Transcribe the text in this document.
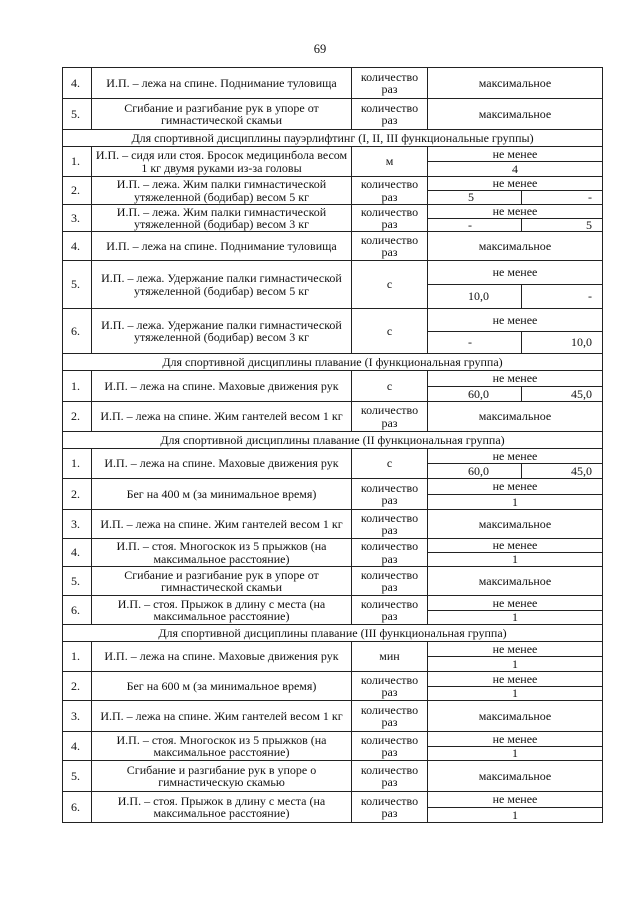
69
4.	И.П. – лежа на спине. Поднимание туловища	количество раз	максимальное	
5.	Сгибание и разгибание рук в упоре от гимнастической скамьи	количество раз	максимальное	
Для спортивной дисциплины пауэрлифтинг (I, II, III функциональные группы)				
1.	И.П. – сидя или стоя. Бросок медицинбола весом 1 кг двумя руками из-за головы	м	не менее	
			4	
2.	И.П. – лежа. Жим палки гимнастической утяжеленной (бодибар) весом 5 кг	количество раз	не менее	
			5	-
3.	И.П. – лежа. Жим палки гимнастической утяжеленной (бодибар) весом 3 кг	количество раз	не менее	
			-	5
4.	И.П. – лежа на спине. Поднимание туловища	количество раз	максимальное	
5.	И.П. – лежа. Удержание палки гимнастической утяжеленной (бодибар) весом 5 кг	с	не менее	
			10,0	-
6.	И.П. – лежа. Удержание палки гимнастической утяжеленной (бодибар) весом 3 кг	с	не менее	
			-	10,0
Для спортивной дисциплины плавание (I функциональная группа)				
1.	И.П. – лежа на спине. Маховые движения рук	с	не менее	
			60,0	45,0
2.	И.П. – лежа на спине. Жим гантелей весом 1 кг	количество раз	максимальное	
Для спортивной дисциплины плавание (II функциональная группа)				
1.	И.П. – лежа на спине. Маховые движения рук	с	не менее	
			60,0	45,0
2.	Бег на 400 м (за минимальное время)	количество раз	не менее	
			1	
3.	И.П. – лежа на спине. Жим гантелей весом 1 кг	количество раз	максимальное	
4.	И.П. – стоя. Многоскок из 5 прыжков (на максимальное расстояние)	количество раз	не менее	
			1	
5.	Сгибание и разгибание рук в упоре от гимнастической скамьи	количество раз	максимальное	
6.	И.П. – стоя. Прыжок в длину с места (на максимальное расстояние)	количество раз	не менее	
			1	
Для спортивной дисциплины плавание (III функциональная группа)				
1.	И.П. – лежа на спине. Маховые движения рук	мин	не менее	
			1	
2.	Бег на 600 м (за минимальное время)	количество раз	не менее	
			1	
3.	И.П. – лежа на спине. Жим гантелей весом 1 кг	количество раз	максимальное	
4.	И.П. – стоя. Многоскок из 5 прыжков (на максимальное расстояние)	количество раз	не менее	
			1	
5.	Сгибание и разгибание рук в упоре о гимнастическую скамью	количество раз	максимальное	
6.	И.П. – стоя. Прыжок в длину с места (на максимальное расстояние)	количество раз	не менее	
			1	
